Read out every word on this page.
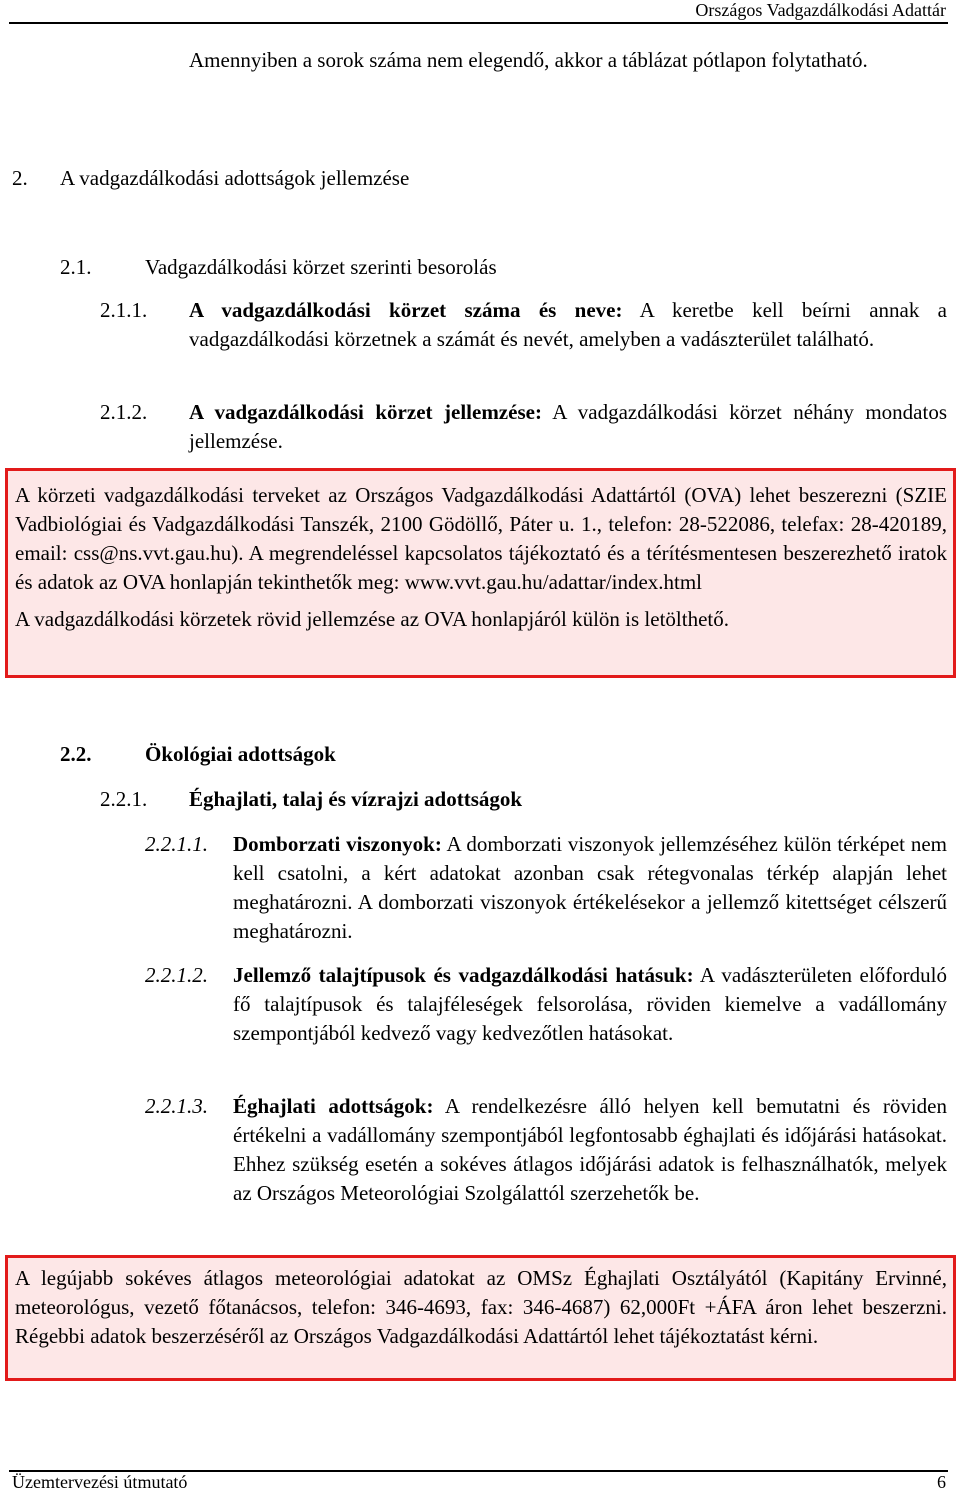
Országos Vadgazdálkodási Adattár
Amennyiben a sorok száma nem elegendő, akkor a táblázat pótlapon folytatható.
2. A vadgazdálkodási adottságok jellemzése
2.1.	Vadgazdálkodási körzet szerinti besorolás
2.1.1. A vadgazdálkodási körzet száma és neve: A keretbe kell beírni annak a vadgazdálkodási körzetnek a számát és nevét, amelyben a vadászterület található.
2.1.2. A vadgazdálkodási körzet jellemzése: A vadgazdálkodási körzet néhány mondatos jellemzése.

A körzeti vadgazdálkodási terveket az Országos Vadgazdálkodási Adattártól (OVA) lehet beszerezni (SZIE Vadbiológiai és Vadgazdálkodási Tanszék, 2100 Gödöllő, Páter u. 1., telefon: 28-522086, telefax: 28-420189, email: css@ns.vvt.gau.hu). A megrendeléssel kapcsolatos tájékoztató és a térítésmentesen beszerezhető iratok és adatok az OVA honlapján tekinthetők meg: www.vvt.gau.hu/adattar/index.html

A vadgazdálkodási körzetek rövid jellemzése az OVA honlapjáról külön is letölthető.

2.2.	Ökológiai adottságok
2.2.1. Éghajlati, talaj és vízrajzi adottságok
2.2.1.1. Domborzati viszonyok: A domborzati viszonyok jellemzéséhez külön térképet nem kell csatolni, a kért adatokat azonban csak rétegvonalas térkép alapján lehet meghatározni. A domborzati viszonyok értékelésekor a jellemző kitettséget célszerű meghatározni.
2.2.1.2. Jellemző talajtípusok és vadgazdálkodási hatásuk: A vadászterületen előforduló fő talajtípusok és talajféleségek felsorolása, röviden kiemelve a vadállomány szempontjából kedvező vagy kedvezőtlen hatásokat.
2.2.1.3. Éghajlati adottságok: A rendelkezésre álló helyen kell bemutatni és röviden értékelni a vadállomány szempontjából legfontosabb éghajlati és időjárási hatásokat. Ehhez szükség esetén a sokéves átlagos időjárási adatok is felhasználhatók, melyek az Országos Meteorológiai Szolgálattól szerzehetők be.

A legújabb sokéves átlagos meteorológiai adatokat az OMSz Éghajlati Osztályától (Kapitány Ervinné, meteorológus, vezető főtanácsos, telefon: 346-4693, fax: 346-4687) 62,000Ft +ÁFA áron lehet beszerzni. Régebbi adatok beszerzéséről az Országos Vadgazdálkodási Adattártól lehet tájékoztatást kérni.

Üzemtervezési útmutató	6
